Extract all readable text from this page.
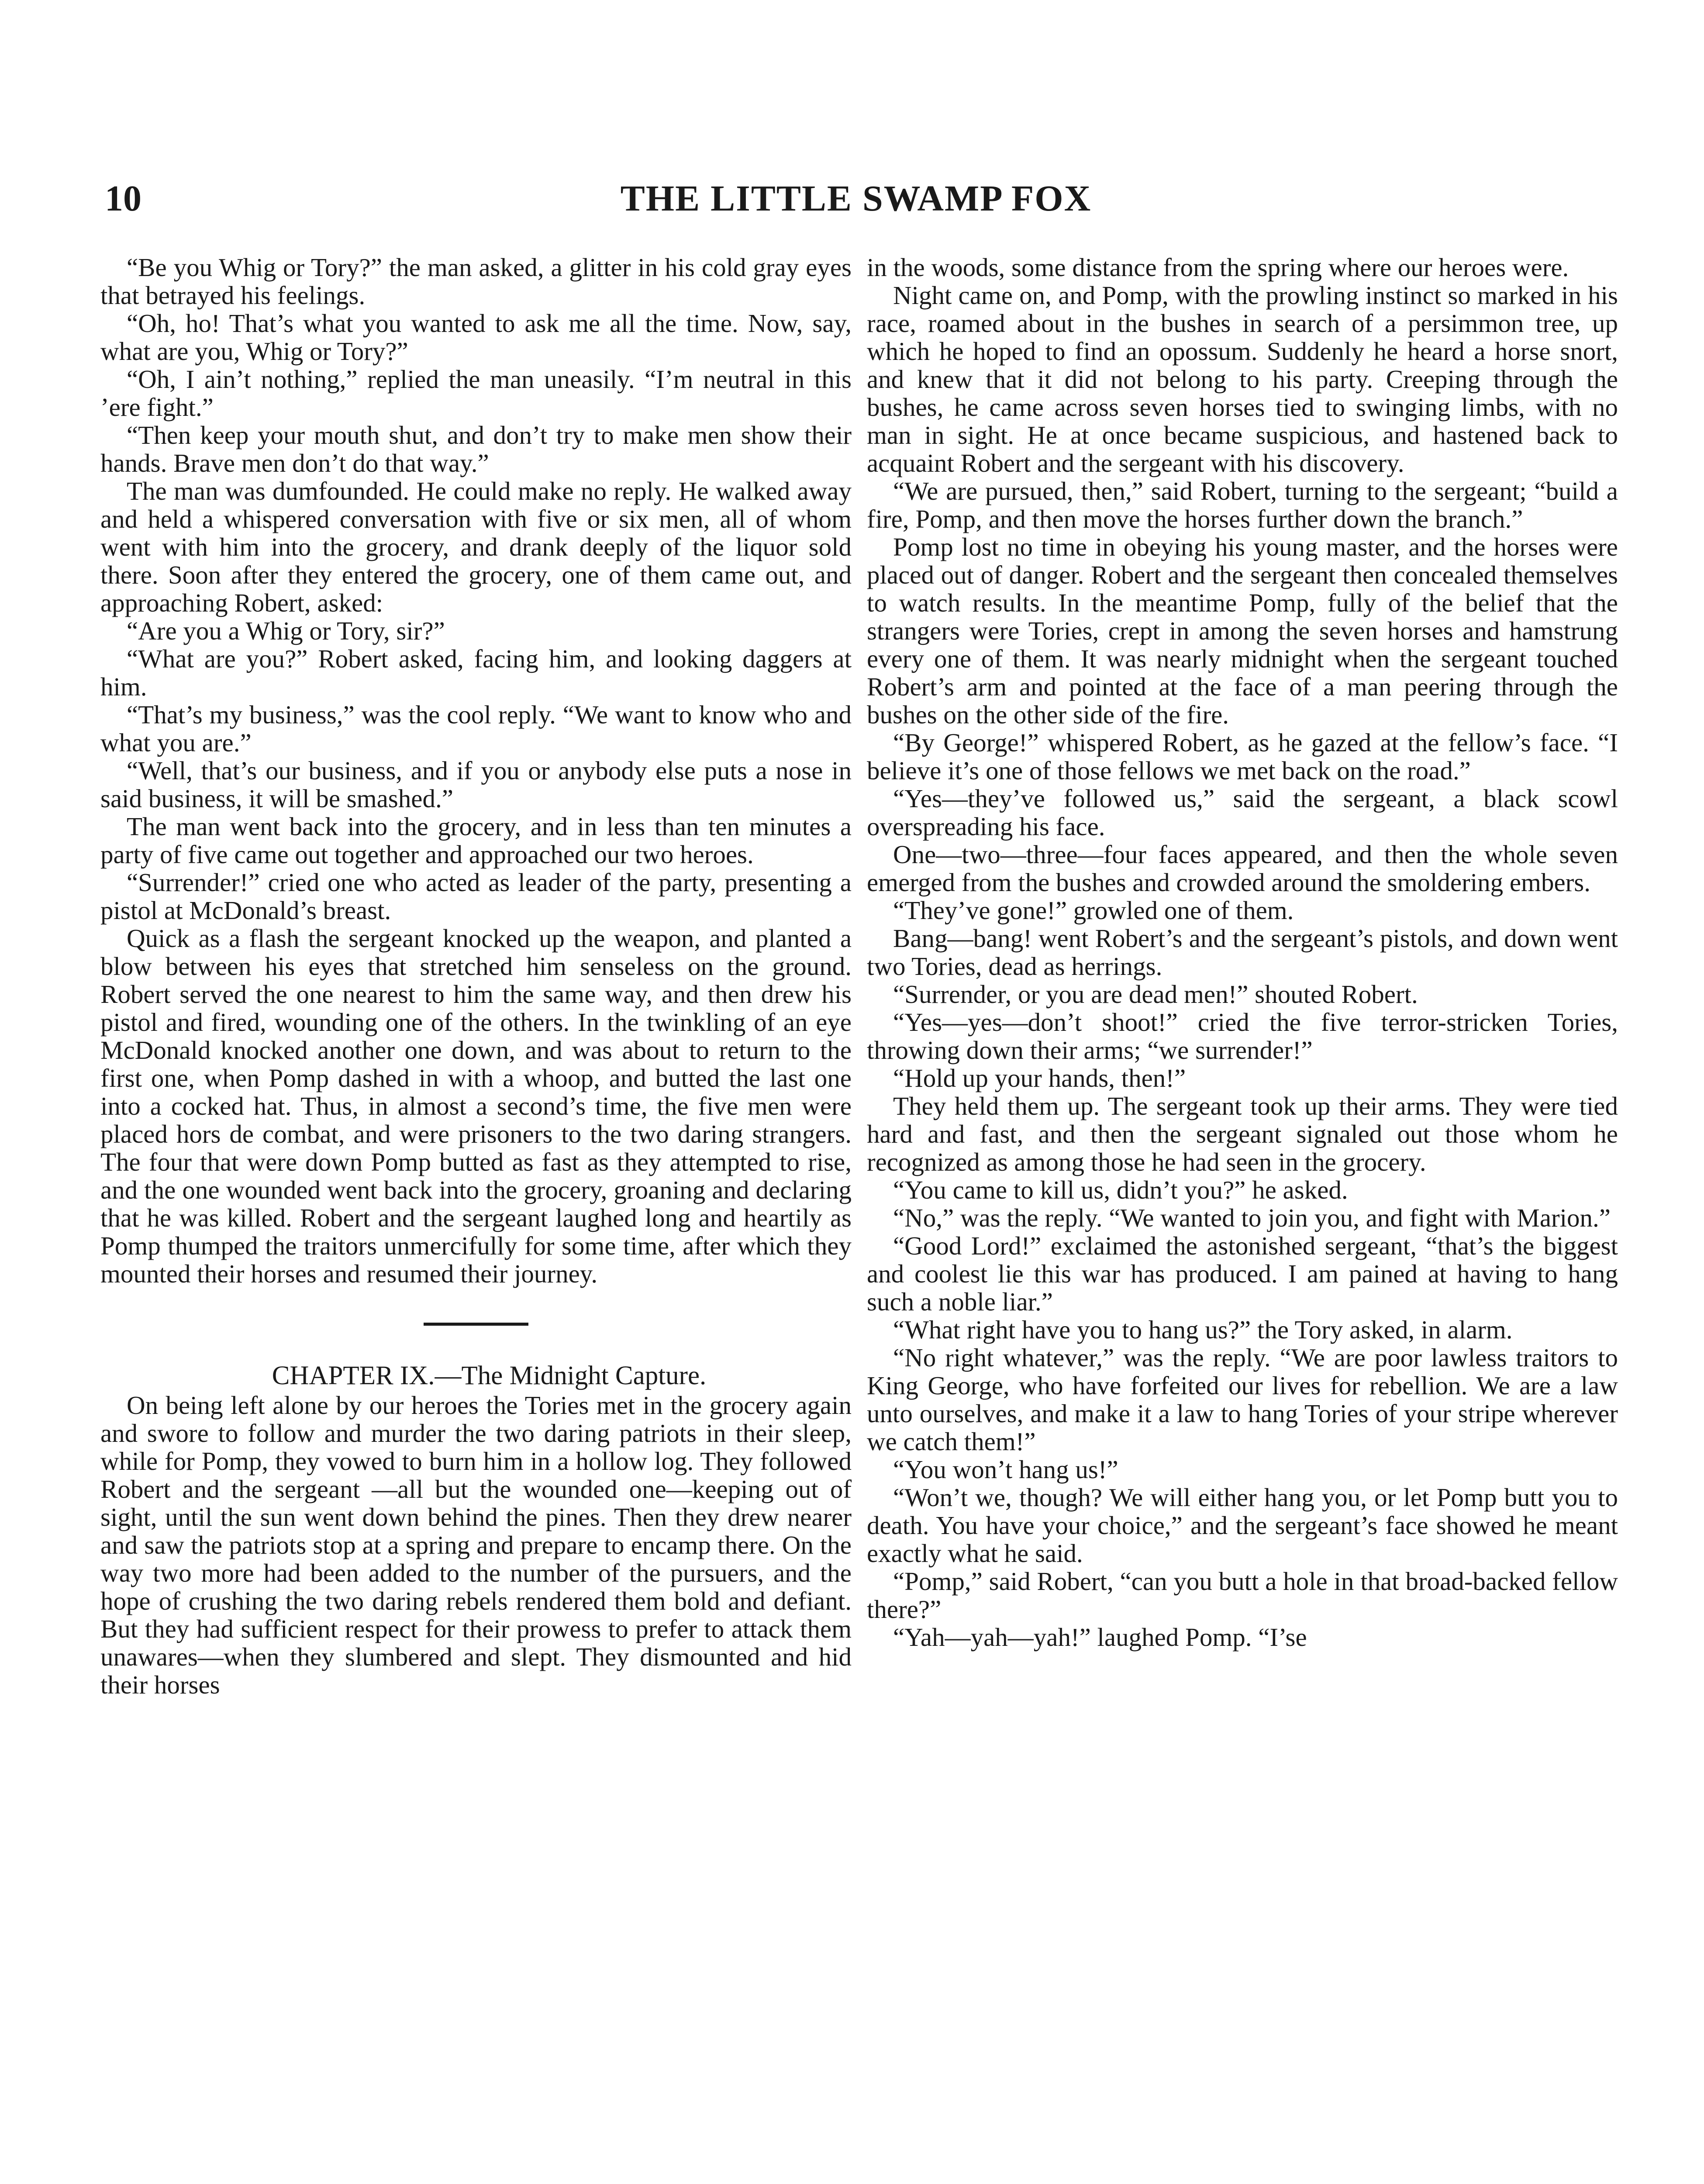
10	THE LITTLE SWAMP FOX

“Be you Whig or Tory?” the man asked, a glitter in his cold gray eyes that betrayed his feelings.

“Oh, ho! That’s what you wanted to ask me all the time. Now, say, what are you, Whig or Tory?”

“Oh, I ain’t nothing,” replied the man uneasily. “I’m neutral in this ’ere fight.”

“Then keep your mouth shut, and don’t try to make men show their hands. Brave men don’t do that way.”

The man was dumfounded. He could make no reply. He walked away and held a whispered conversation with five or six men, all of whom went with him into the grocery, and drank deeply of the liquor sold there. Soon after they entered the grocery, one of them came out, and approaching Robert, asked:

“Are you a Whig or Tory, sir?”

“What are you?” Robert asked, facing him, and looking daggers at him.

“That’s my business,” was the cool reply. “We want to know who and what you are.”

“Well, that’s our business, and if you or anybody else puts a nose in said business, it will be smashed.”

The man went back into the grocery, and in less than ten minutes a party of five came out together and approached our two heroes.

“Surrender!” cried one who acted as leader of the party, presenting a pistol at McDonald’s breast.

Quick as a flash the sergeant knocked up the weapon, and planted a blow between his eyes that stretched him senseless on the ground. Robert served the one nearest to him the same way, and then drew his pistol and fired, wounding one of the others. In the twinkling of an eye McDonald knocked another one down, and was about to return to the first one, when Pomp dashed in with a whoop, and butted the last one into a cocked hat. Thus, in almost a second’s time, the five men were placed hors de combat, and were prisoners to the two daring strangers. The four that were down Pomp butted as fast as they attempted to rise, and the one wounded went back into the grocery, groaning and declaring that he was killed. Robert and the sergeant laughed long and heartily as Pomp thumped the traitors unmercifully for some time, after which they mounted their horses and resumed their journey.

CHAPTER IX.—The Midnight Capture.

On being left alone by our heroes the Tories met in the grocery again and swore to follow and murder the two daring patriots in their sleep, while for Pomp, they vowed to burn him in a hollow log. They followed Robert and the sergeant —all but the wounded one—keeping out of sight, until the sun went down behind the pines. Then they drew nearer and saw the patriots stop at a spring and prepare to encamp there. On the way two more had been added to the number of the pursuers, and the hope of crushing the two daring rebels rendered them bold and defiant. But they had sufficient respect for their prowess to prefer to attack them unawares—when they slumbered and slept. They dismounted and hid their horses

in the woods, some distance from the spring where our heroes were.

Night came on, and Pomp, with the prowling instinct so marked in his race, roamed about in the bushes in search of a persimmon tree, up which he hoped to find an opossum. Suddenly he heard a horse snort, and knew that it did not belong to his party. Creeping through the bushes, he came across seven horses tied to swinging limbs, with no man in sight. He at once became suspicious, and hastened back to acquaint Robert and the sergeant with his discovery.

“We are pursued, then,” said Robert, turning to the sergeant; “build a fire, Pomp, and then move the horses further down the branch.”

Pomp lost no time in obeying his young master, and the horses were placed out of danger. Robert and the sergeant then concealed themselves to watch results. In the meantime Pomp, fully of the belief that the strangers were Tories, crept in among the seven horses and hamstrung every one of them. It was nearly midnight when the sergeant touched Robert’s arm and pointed at the face of a man peering through the bushes on the other side of the fire.

“By George!” whispered Robert, as he gazed at the fellow’s face. “I believe it’s one of those fellows we met back on the road.”

“Yes—they’ve followed us,” said the sergeant, a black scowl overspreading his face.

One—two—three—four faces appeared, and then the whole seven emerged from the bushes and crowded around the smoldering embers.

“They’ve gone!” growled one of them.

Bang—bang! went Robert’s and the sergeant’s pistols, and down went two Tories, dead as herrings.

“Surrender, or you are dead men!” shouted Robert.

“Yes—yes—don’t shoot!” cried the five terror-stricken Tories, throwing down their arms; “we surrender!”

“Hold up your hands, then!”

They held them up. The sergeant took up their arms. They were tied hard and fast, and then the sergeant signaled out those whom he recognized as among those he had seen in the grocery.

“You came to kill us, didn’t you?” he asked.

“No,” was the reply. “We wanted to join you, and fight with Marion.”

“Good Lord!” exclaimed the astonished sergeant, “that’s the biggest and coolest lie this war has produced. I am pained at having to hang such a noble liar.”

“What right have you to hang us?” the Tory asked, in alarm.

“No right whatever,” was the reply. “We are poor lawless traitors to King George, who have forfeited our lives for rebellion. We are a law unto ourselves, and make it a law to hang Tories of your stripe wherever we catch them!”

“You won’t hang us!”

“Won’t we, though? We will either hang you, or let Pomp butt you to death. You have your choice,” and the sergeant’s face showed he meant exactly what he said.

“Pomp,” said Robert, “can you butt a hole in that broad-backed fellow there?”

“Yah—yah—yah!” laughed Pomp. “I’se
